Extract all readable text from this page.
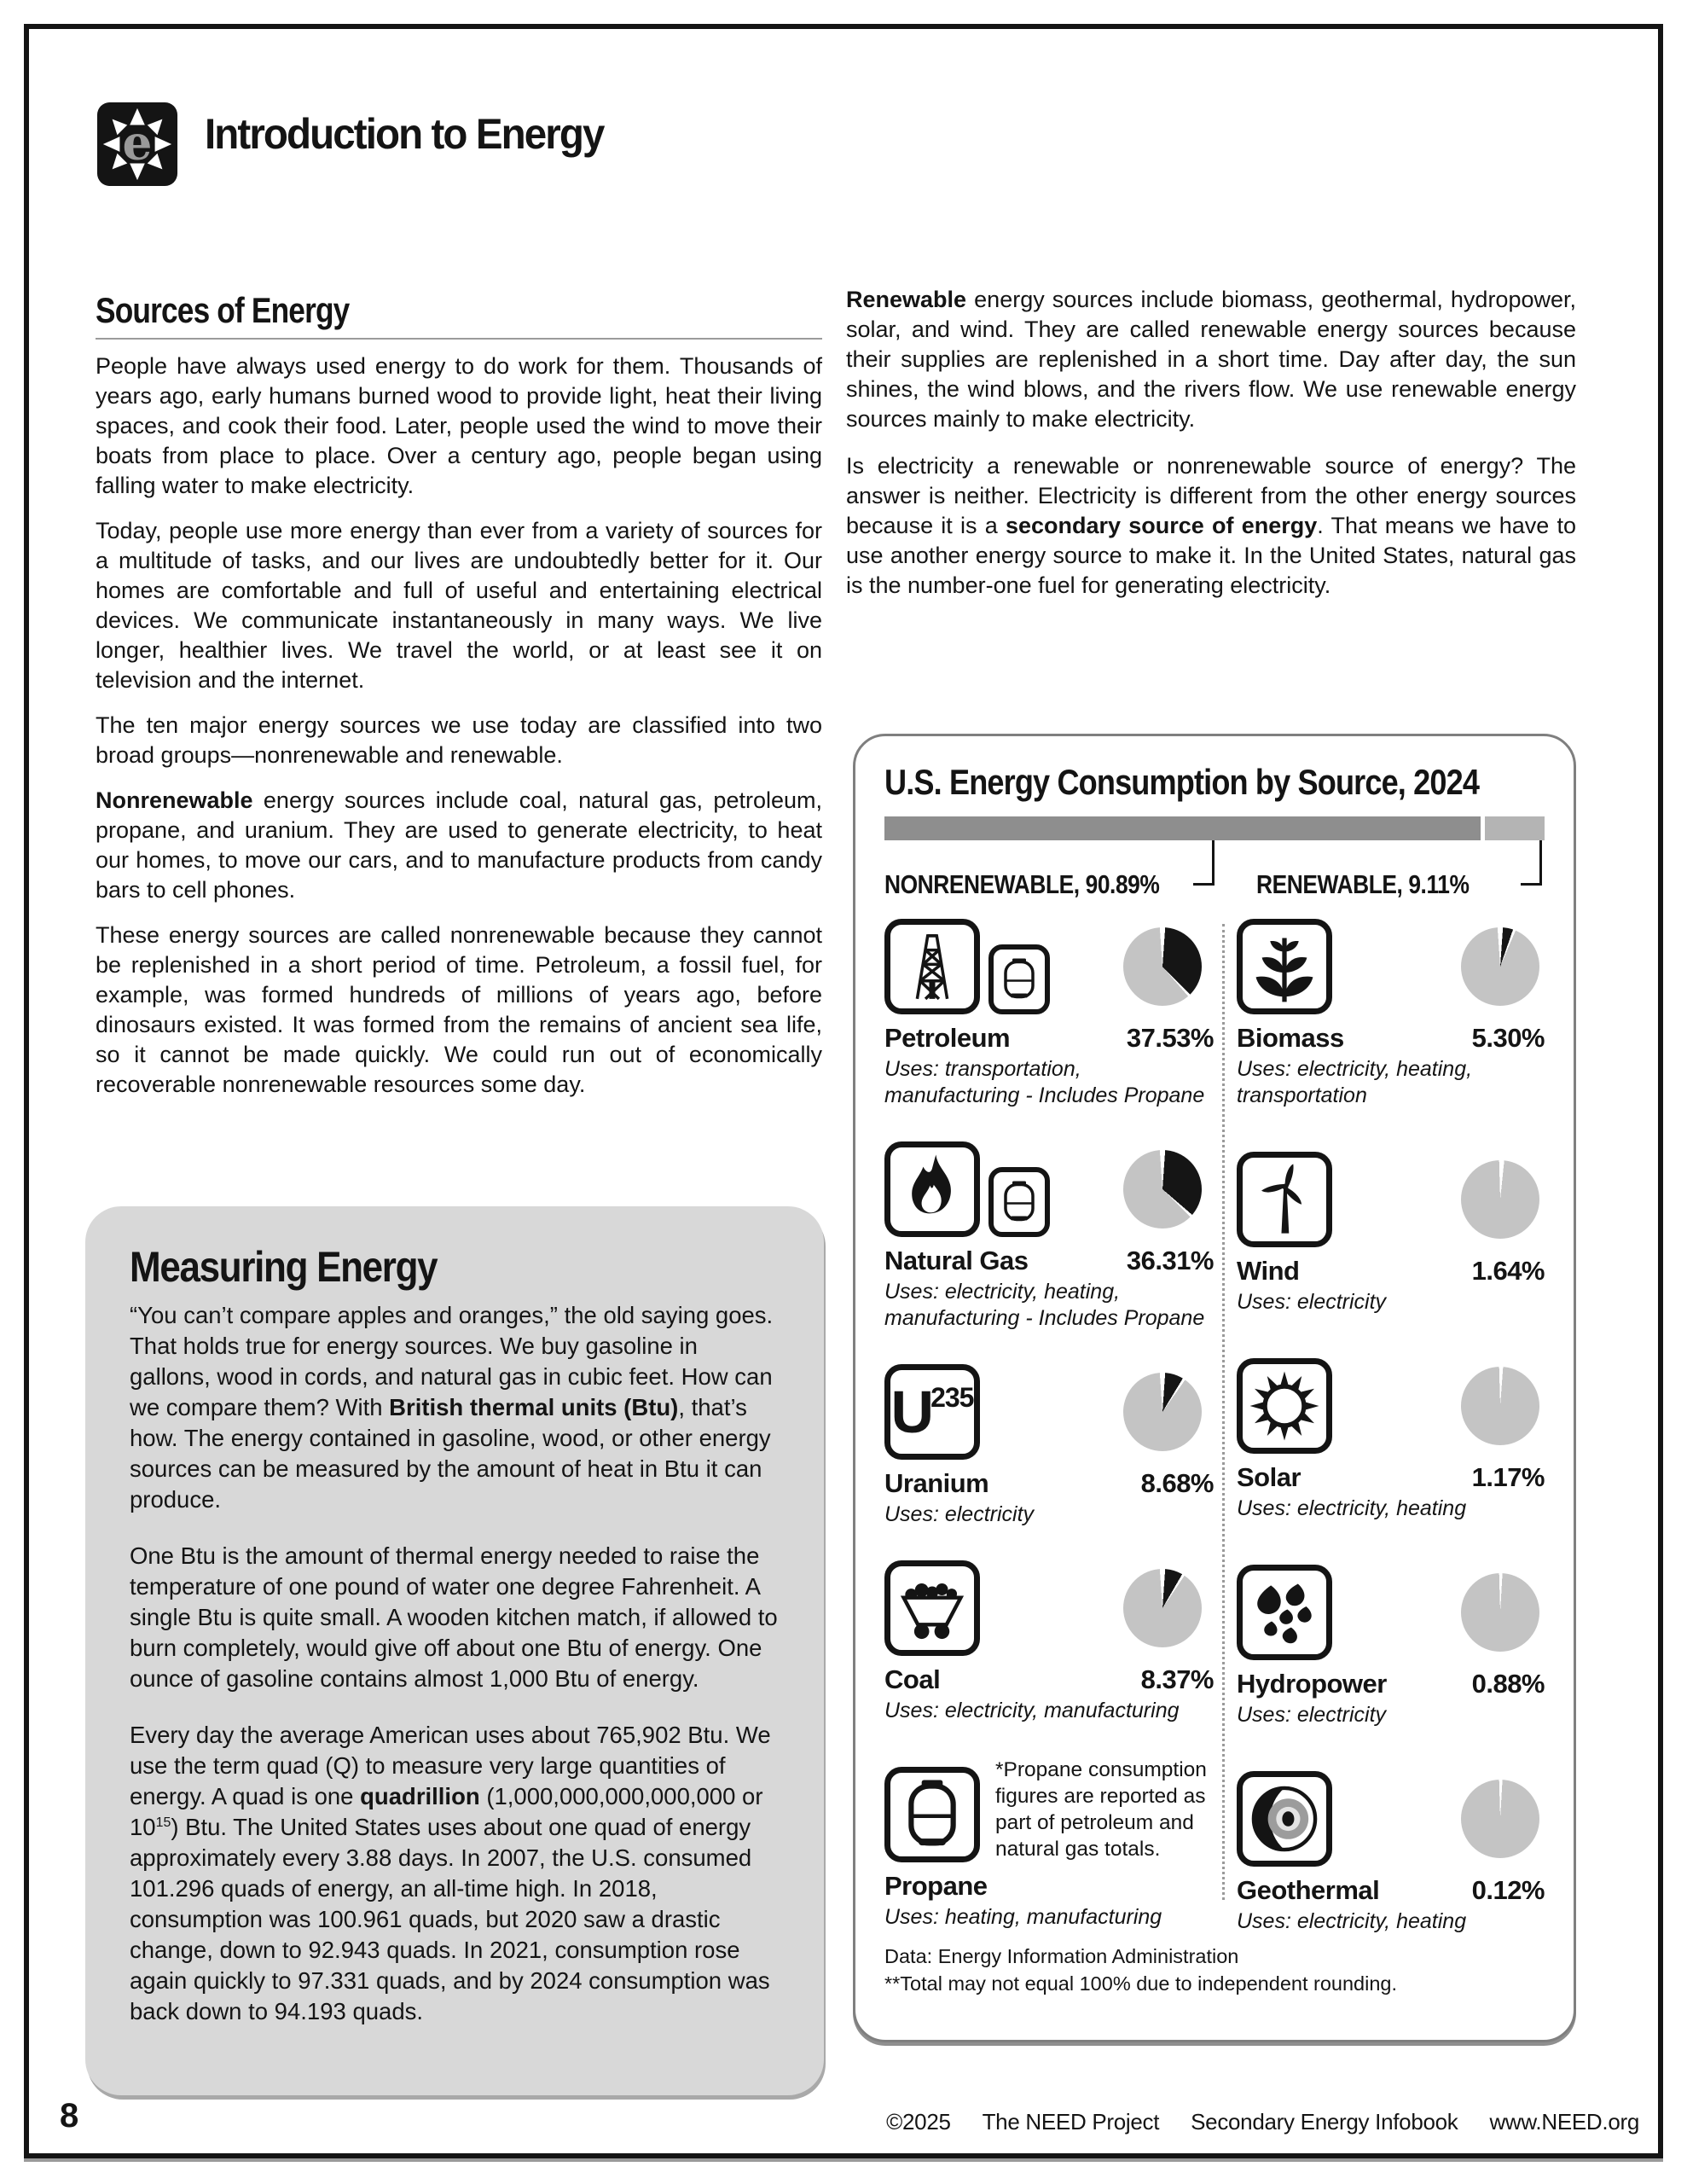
e Introduction to Energy
Sources of Energy

People have always used energy to do work for them. Thousands of years ago, early humans burned wood to provide light, heat their living spaces, and cook their food. Later, people used the wind to move their boats from place to place. Over a century ago, people began using falling water to make electricity.

Today, people use more energy than ever from a variety of sources for a multitude of tasks, and our lives are undoubtedly better for it. Our homes are comfortable and full of useful and entertaining electrical devices. We communicate instantaneously in many ways. We live longer, healthier lives. We travel the world, or at least see it on television and the internet.

The ten major energy sources we use today are classified into two broad groups—nonrenewable and renewable.

Nonrenewable energy sources include coal, natural gas, petroleum, propane, and uranium. They are used to generate electricity, to heat our homes, to move our cars, and to manufacture products from candy bars to cell phones.

These energy sources are called nonrenewable because they cannot be replenished in a short period of time. Petroleum, a fossil fuel, for example, was formed hundreds of millions of years ago, before dinosaurs existed. It was formed from the remains of ancient sea life, so it cannot be made quickly. We could run out of economically recoverable nonrenewable resources some day.

Renewable energy sources include biomass, geothermal, hydropower, solar, and wind. They are called renewable energy sources because their supplies are replenished in a short time. Day after day, the sun shines, the wind blows, and the rivers flow. We use renewable energy sources mainly to make electricity.

Is electricity a renewable or nonrenewable source of energy? The answer is neither. Electricity is different from the other energy sources because it is a secondary source of energy. That means we have to use another energy source to make it. In the United States, natural gas is the number-one fuel for generating electricity.

Measuring Energy

“You can’t compare apples and oranges,” the old saying goes. That holds true for energy sources. We buy gasoline in gallons, wood in cords, and natural gas in cubic feet. How can we compare them? With British thermal units (Btu), that’s how. The energy contained in gasoline, wood, or other energy sources can be measured by the amount of heat in Btu it can produce.

One Btu is the amount of thermal energy needed to raise the temperature of one pound of water one degree Fahrenheit. A single Btu is quite small. A wooden kitchen match, if allowed to burn completely, would give off about one Btu of energy. One ounce of gasoline contains almost 1,000 Btu of energy.

Every day the average American uses about 765,902 Btu. We use the term quad (Q) to measure very large quantities of energy. A quad is one quadrillion (1,000,000,000,000,000 or $10^{15}$) Btu. The United States uses about one quad of energy approximately every 3.88 days. In 2007, the U.S. consumed 101.296 quads of energy, an all-time high. In 2018, consumption was 100.961 quads, but 2020 saw a drastic change, down to 92.943 quads. In 2021, consumption rose again quickly to 97.331 quads, and by 2024 consumption was back down to 94.193 quads.

U.S. Energy Consumption by Source, 2024
NONRENEWABLE, 90.89%	RENEWABLE, 9.11%
Petroleum	37.53%
Uses: transportation, manufacturing - Includes Propane
Natural Gas	36.31%
Uses: electricity, heating, manufacturing - Includes Propane
U
235
Uranium	8.68%
Uses: electricity
Coal	8.37%
Uses: electricity, manufacturing
*Propane consumption figures are reported as part of petroleum and natural gas totals.
Propane
Uses: heating, manufacturing
Biomass	5.30%
Uses: electricity, heating, transportation
Wind	1.64%
Uses: electricity
Solar	1.17%
Uses: electricity, heating
Hydropower	0.88%
Uses: electricity
Geothermal	0.12%
Uses: electricity, heating
Data: Energy Information Administration
**Total may not equal 100% due to independent rounding.
8	©2025 The NEED Project Secondary Energy Infobook www.NEED.org
